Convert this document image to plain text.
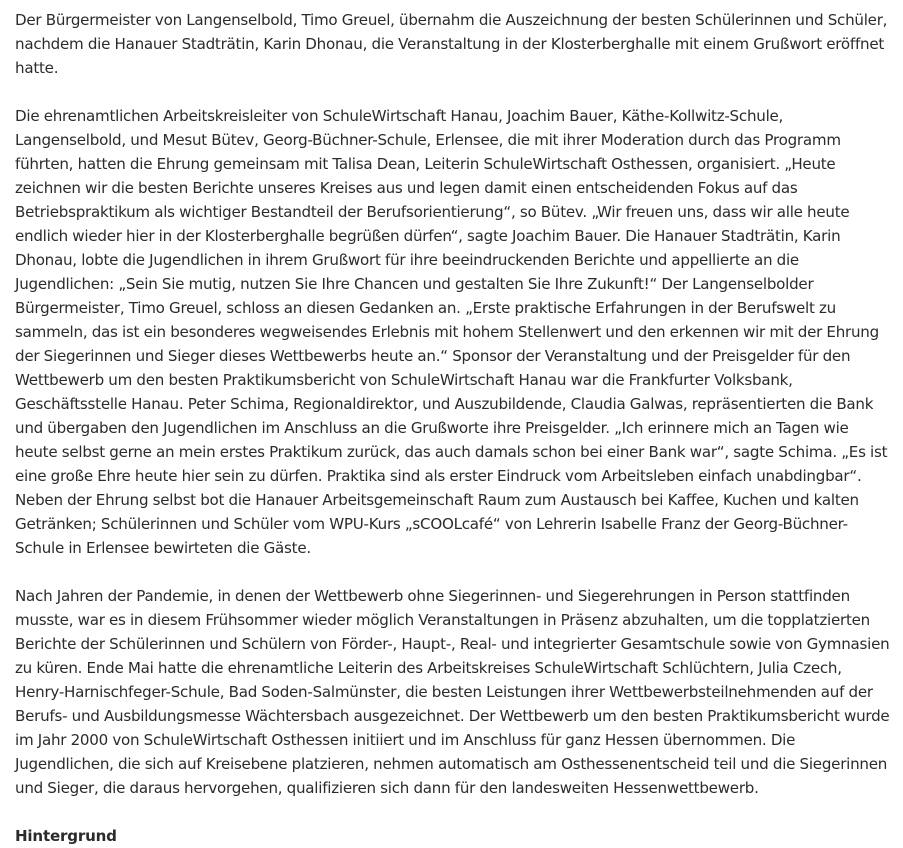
Der Bürgermeister von Langenselbold, Timo Greuel, übernahm die Auszeichnung der besten Schülerinnen und Schüler, nachdem die Hanauer Stadträtin, Karin Dhonau, die Veranstaltung in der Klosterberghalle mit einem Grußwort eröffnet hatte.

Die ehrenamtlichen Arbeitskreisleiter von SchuleWirtschaft Hanau, Joachim Bauer, Käthe-Kollwitz-Schule, Langenselbold, und Mesut Bütev, Georg-Büchner-Schule, Erlensee, die mit ihrer Moderation durch das Programm führten, hatten die Ehrung gemeinsam mit Talisa Dean, Leiterin SchuleWirtschaft Osthessen, organisiert. „Heute zeichnen wir die besten Berichte unseres Kreises aus und legen damit einen entscheidenden Fokus auf das Betriebspraktikum als wichtiger Bestandteil der Berufsorientierung“, so Bütev. „Wir freuen uns, dass wir alle heute endlich wieder hier in der Klosterberghalle begrüßen dürfen“, sagte Joachim Bauer. Die Hanauer Stadträtin, Karin Dhonau, lobte die Jugendlichen in ihrem Grußwort für ihre beeindruckenden Berichte und appellierte an die Jugendlichen: „Sein Sie mutig, nutzen Sie Ihre Chancen und gestalten Sie Ihre Zukunft!“ Der Langenselbolder Bürgermeister, Timo Greuel, schloss an diesen Gedanken an. „Erste praktische Erfahrungen in der Berufswelt zu sammeln, das ist ein besonderes wegweisendes Erlebnis mit hohem Stellenwert und den erkennen wir mit der Ehrung der Siegerinnen und Sieger dieses Wettbewerbs heute an.“ Sponsor der Veranstaltung und der Preisgelder für den Wettbewerb um den besten Praktikumsbericht von SchuleWirtschaft Hanau war die Frankfurter Volksbank, Geschäftsstelle Hanau. Peter Schima, Regionaldirektor, und Auszubildende, Claudia Galwas, repräsentierten die Bank und übergaben den Jugendlichen im Anschluss an die Grußworte ihre Preisgelder. „Ich erinnere mich an Tagen wie heute selbst gerne an mein erstes Praktikum zurück, das auch damals schon bei einer Bank war“, sagte Schima. „Es ist eine große Ehre heute hier sein zu dürfen. Praktika sind als erster Eindruck vom Arbeitsleben einfach unabdingbar“. Neben der Ehrung selbst bot die Hanauer Arbeitsgemeinschaft Raum zum Austausch bei Kaffee, Kuchen und kalten Getränken; Schülerinnen und Schüler vom WPU-Kurs „sCOOLcafé“ von Lehrerin Isabelle Franz der Georg-Büchner-Schule in Erlensee bewirteten die Gäste.

Nach Jahren der Pandemie, in denen der Wettbewerb ohne Siegerinnen- und Siegerehrungen in Person stattfinden musste, war es in diesem Frühsommer wieder möglich Veranstaltungen in Präsenz abzuhalten, um die topplatzierten Berichte der Schülerinnen und Schülern von Förder-, Haupt-, Real- und integrierter Gesamtschule sowie von Gymnasien zu küren. Ende Mai hatte die ehrenamtliche Leiterin des Arbeitskreises SchuleWirtschaft Schlüchtern, Julia Czech, Henry-Harnischfeger-Schule, Bad Soden-Salmünster, die besten Leistungen ihrer Wettbewerbsteilnehmenden auf der Berufs- und Ausbildungsmesse Wächtersbach ausgezeichnet. Der Wettbewerb um den besten Praktikumsbericht wurde im Jahr 2000 von SchuleWirtschaft Osthessen initiiert und im Anschluss für ganz Hessen übernommen. Die Jugendlichen, die sich auf Kreisebene platzieren, nehmen automatisch am Osthessenentscheid teil und die Siegerinnen und Sieger, die daraus hervorgehen, qualifizieren sich dann für den landesweiten Hessenwettbewerb.

Hintergrund
